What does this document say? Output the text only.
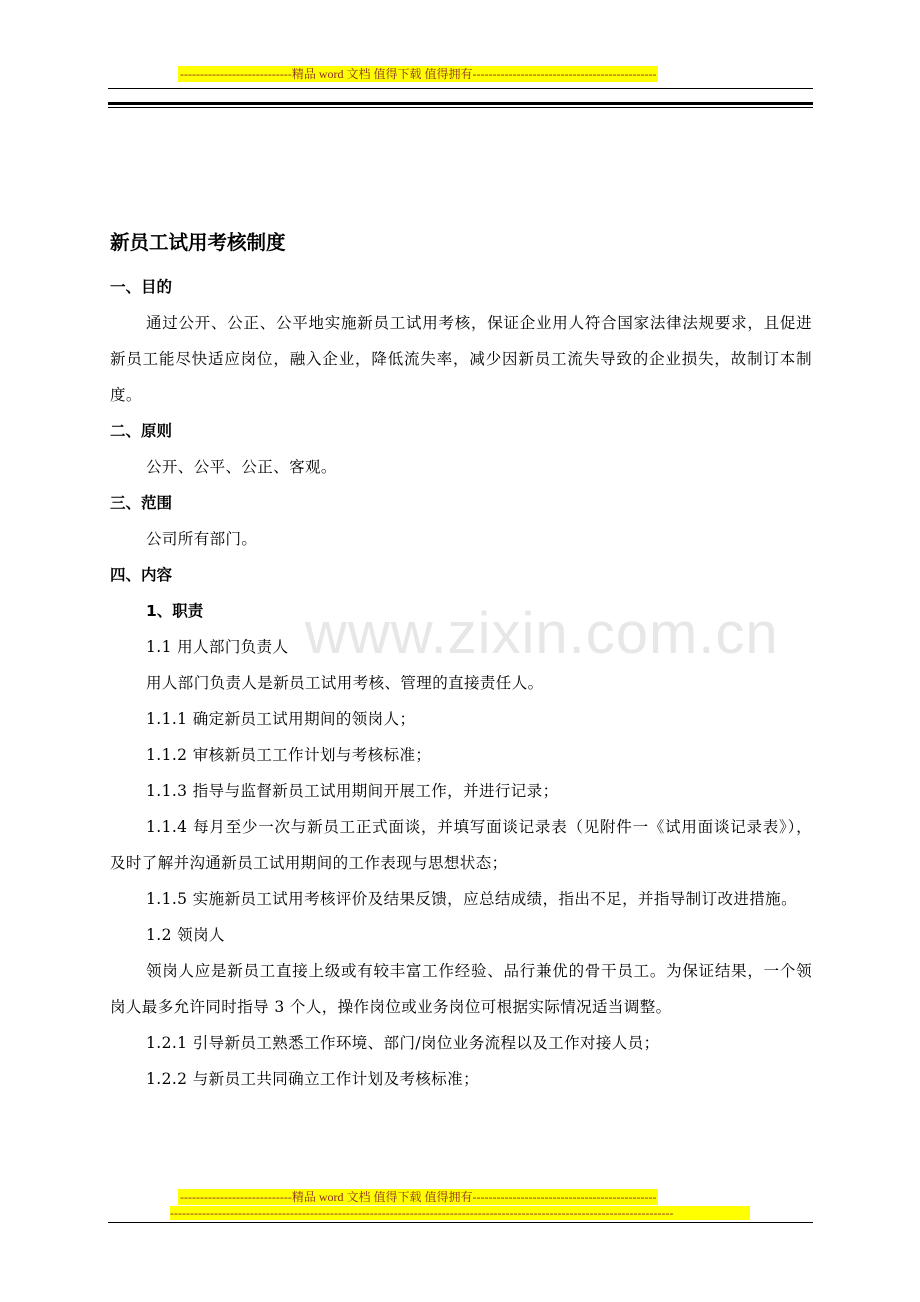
----------------------------精品 word 文档 值得下载 值得拥有----------------------------------------------
www.zixin.com.cn
新员工试用考核制度
一、目的

通过公开、公正、公平地实施新员工试用考核，保证企业用人符合国家法律法规要求，且促进新员工能尽快适应岗位，融入企业，降低流失率，减少因新员工流失导致的企业损失，故制订本制度。

二、原则

公开、公平、公正、客观。

三、范围

公司所有部门。

四、内容
1、职责

1.1 用人部门负责人

用人部门负责人是新员工试用考核、管理的直接责任人。

1.1.1 确定新员工试用期间的领岗人；

1.1.2 审核新员工工作计划与考核标准；

1.1.3 指导与监督新员工试用期间开展工作，并进行记录；

1.1.4 每月至少一次与新员工正式面谈，并填写面谈记录表（见附件一《试用面谈记录表》），及时了解并沟通新员工试用期间的工作表现与思想状态；

1.1.5 实施新员工试用考核评价及结果反馈，应总结成绩，指出不足，并指导制订改进措施。

1.2 领岗人

领岗人应是新员工直接上级或有较丰富工作经验、品行兼优的骨干员工。为保证结果，一个领岗人最多允许同时指导 3 个人，操作岗位或业务岗位可根据实际情况适当调整。

1.2.1 引导新员工熟悉工作环境、部门/岗位业务流程以及工作对接人员；

1.2.2 与新员工共同确立工作计划及考核标准；

----------------------------精品 word 文档 值得下载 值得拥有----------------------------------------------
------------------------------------------------------------------------------------------------------------------------------
